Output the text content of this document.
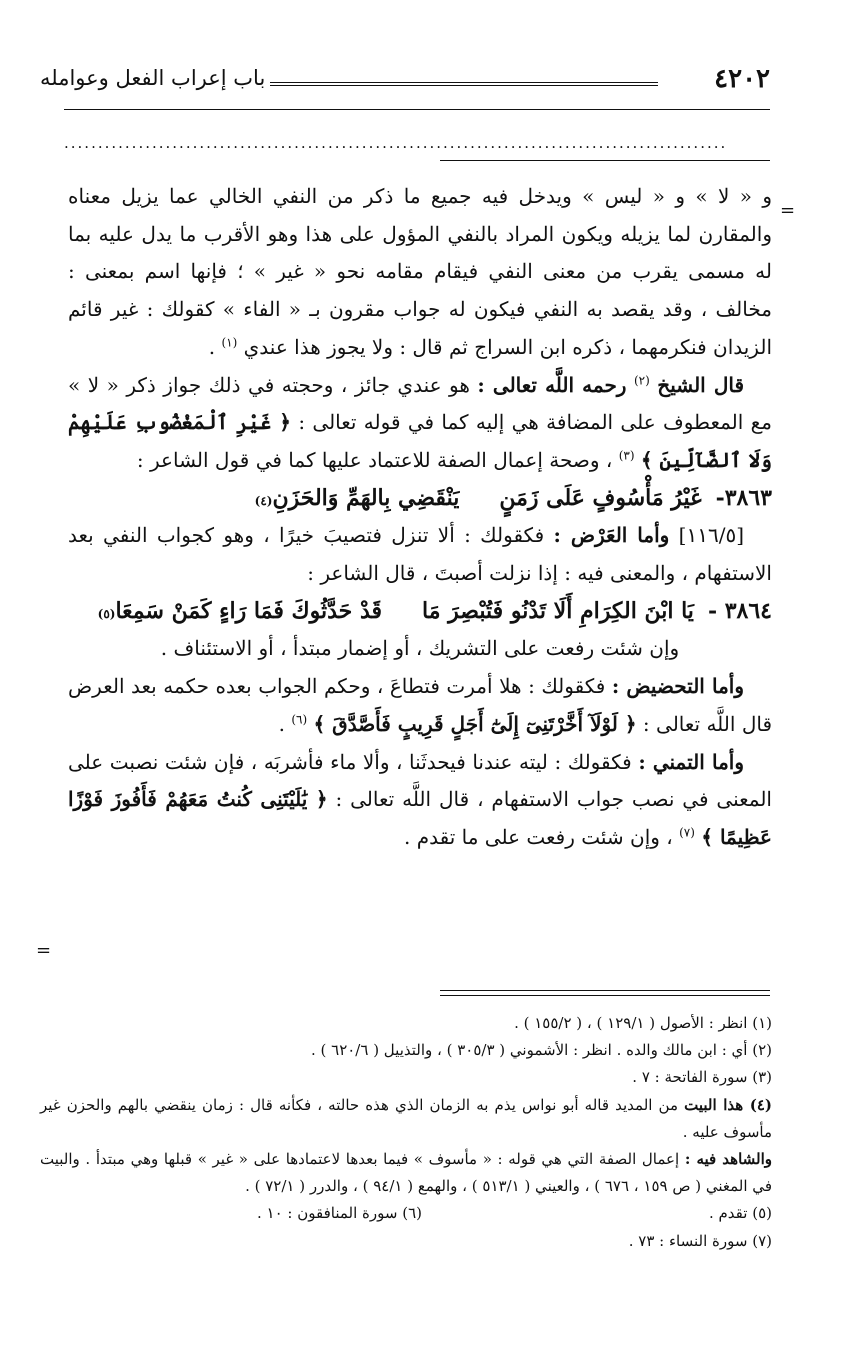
٤٢٠٢
باب إعراب الفعل وعوامله
..................................................................................................
=
=

و « لا » و « ليس » ويدخل فيه جميع ما ذكر من النفي الخالي عما يزيل معناه والمقارن لما يزيله ويكون المراد بالنفي المؤول على هذا وهو الأقرب ما يدل عليه بما له مسمى يقرب من معنى النفي فيقام مقامه نحو « غير » ؛ فإنها اسم بمعنى : مخالف ، وقد يقصد به النفي فيكون له جواب مقرون بـ « الفاء » كقولك : غير قائم الزيدان فنكرمهما ، ذكره ابن السراج ثم قال : ولا يجوز هذا عندي $^{(١)}$ .

قال الشيخ $^{(٢)}$ رحمه اللَّه تعالى : هو عندي جائز ، وحجته في ذلك جواز ذكر « لا » مع المعطوف على المضافة هي إليه كما في قوله تعالى : ﴿ غَيْرِ ٱلْمَغْضُوبِ عَلَيْهِمْ وَلَا ٱلضَّآلِّينَ ﴾ $^{(٣)}$ ، وصحة إعمال الصفة للاعتماد عليها كما في قول الشاعر :

٣٨٦٣-
غَيْرُ مَأْسُوفٍ عَلَى زَمَنٍ
يَنْقَضِي بِالهَمِّ وَالحَزَنِ
(٤)

[١١٦/٥] وأما العَرْض : فكقولك : ألا تنزل فتصيبَ خيرًا ، وهو كجواب النفي بعد الاستفهام ، والمعنى فيه : إذا نزلت أصبتَ ، قال الشاعر :

٣٨٦٤ -
يَا ابْنَ الكِرَامِ أَلَا تَدْنُو فَتُبْصِرَ مَا
قَدْ حَدَّثُوكَ فَمَا رَاءٍ كَمَنْ سَمِعَا
(٥)

وإن شئت رفعت على التشريك ، أو إضمار مبتدأ ، أو الاستئناف .

وأما التحضيض : فكقولك : هلا أمرت فتطاعَ ، وحكم الجواب بعده حكمه بعد العرض قال اللَّه تعالى : ﴿ لَوْلَآ أَخَّرْتَنِىٓ إِلَىٰٓ أَجَلٍ قَرِيبٍ فَأَصَّدَّقَ ﴾ $^{(٦)}$ .

وأما التمني : فكقولك : ليته عندنا فيحدثَنا ، وألا ماء فأشربَه ، فإن شئت نصبت على المعنى في نصب جواب الاستفهام ، قال اللَّه تعالى : ﴿ يَٰلَيْتَنِى كُنتُ مَعَهُمْ فَأَفُوزَ فَوْزًا عَظِيمًا ﴾ $^{(٧)}$ ، وإن شئت رفعت على ما تقدم .

(١) انظر : الأصول ( ١٢٩/١ ) ، ( ١٥٥/٢ ) .

(٢) أي : ابن مالك والده . انظر : الأشموني ( ٣٠٥/٣ ) ، والتذييل ( ٦٢٠/٦ ) .

(٣) سورة الفاتحة : ٧ .

(٤) هذا البيت من المديد قاله أبو نواس يذم به الزمان الذي هذه حالته ، فكأنه قال : زمان ينقضي بالهم والحزن غير مأسوف عليه .

والشاهد فيه : إعمال الصفة التي هي قوله : « مأسوف » فيما بعدها لاعتمادها على « غير » قبلها وهي مبتدأ . والبيت في المغني ( ص ١٥٩ ، ٦٧٦ ) ، والعيني ( ٥١٣/١ ) ، والهمع ( ٩٤/١ ) ، والدرر ( ٧٢/١ ) .

(٥) تقدم .
(٦) سورة المنافقون : ١٠ .

(٧) سورة النساء : ٧٣ .
